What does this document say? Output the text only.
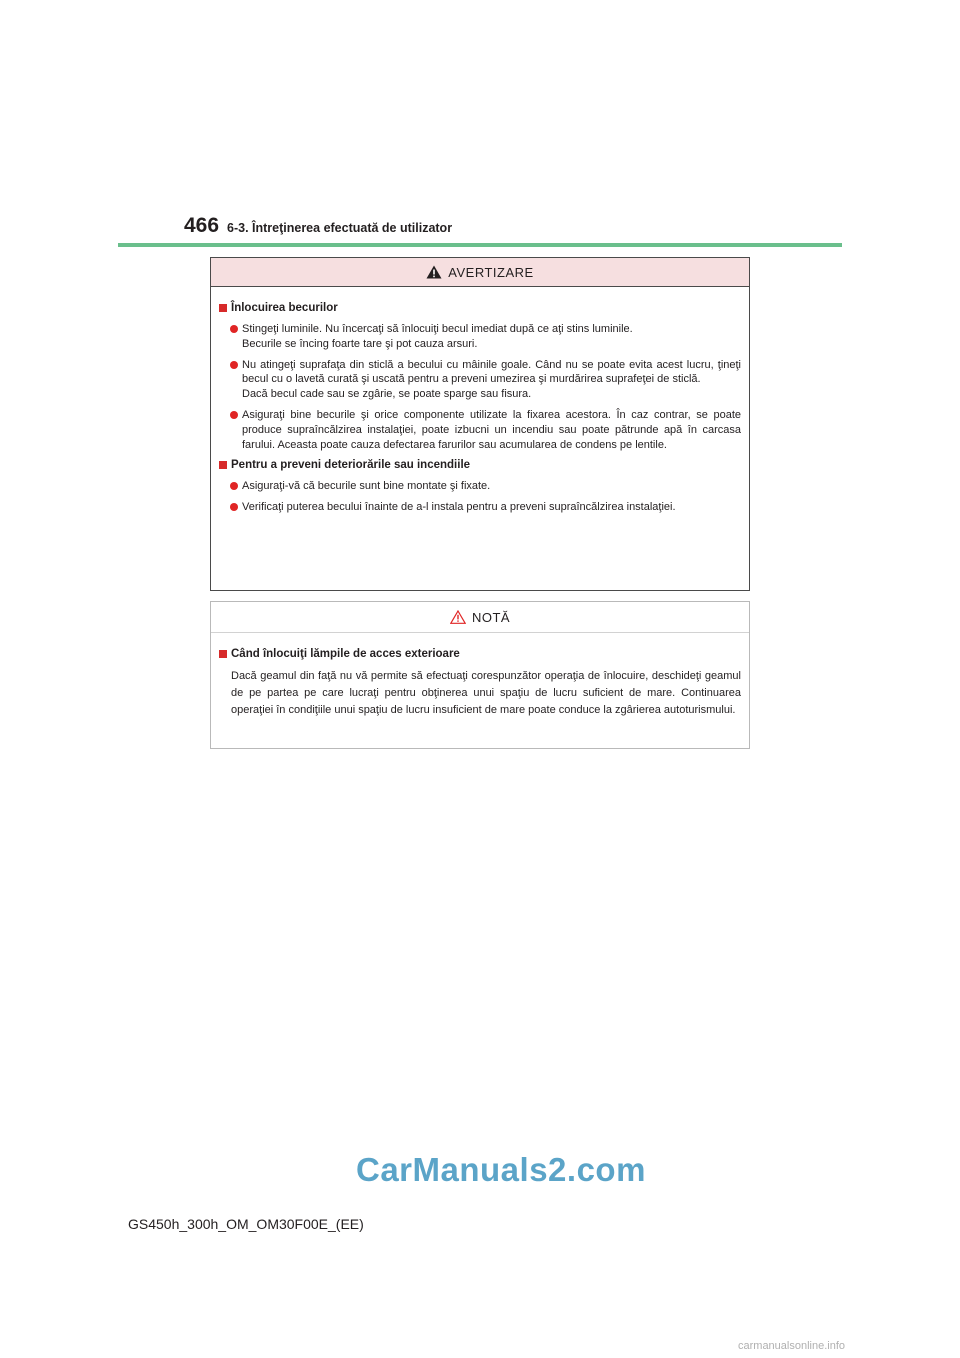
466 6-3. Întreţinerea efectuată de utilizator
AVERTIZARE
Înlocuirea becurilor

Stingeţi luminile. Nu încercaţi să înlocuiţi becul imediat după ce aţi stins luminile.

Becurile se încing foarte tare şi pot cauza arsuri.

Nu atingeţi suprafaţa din sticlă a becului cu mâinile goale. Când nu se poate evita acest lucru, ţineţi becul cu o lavetă curată şi uscată pentru a preveni umezirea şi murdărirea suprafeţei de sticlă.

Dacă becul cade sau se zgârie, se poate sparge sau fisura.

Asiguraţi bine becurile şi orice componente utilizate la fixarea acestora. În caz contrar, se poate produce supraîncălzirea instalaţiei, poate izbucni un incendiu sau poate pătrunde apă în carcasa farului. Aceasta poate cauza defectarea farurilor sau acumularea de condens pe lentile.

Pentru a preveni deteriorările sau incendiile

Asiguraţi-vă că becurile sunt bine montate şi fixate.

Verificaţi puterea becului înainte de a-l instala pentru a preveni supraîncălzirea instalaţiei.

NOTĂ
Când înlocuiţi lămpile de acces exterioare
Dacă geamul din faţă nu vă permite să efectuaţi corespunzător operaţia de înlocuire, deschideţi geamul de pe partea pe care lucraţi pentru obţinerea unui spaţiu de lucru suficient de mare. Continuarea operaţiei în condiţiile unui spaţiu de lucru insuficient de mare poate conduce la zgârierea autoturismului.
CarManuals2.com
GS450h_300h_OM_OM30F00E_(EE)
carmanualsonline.info
